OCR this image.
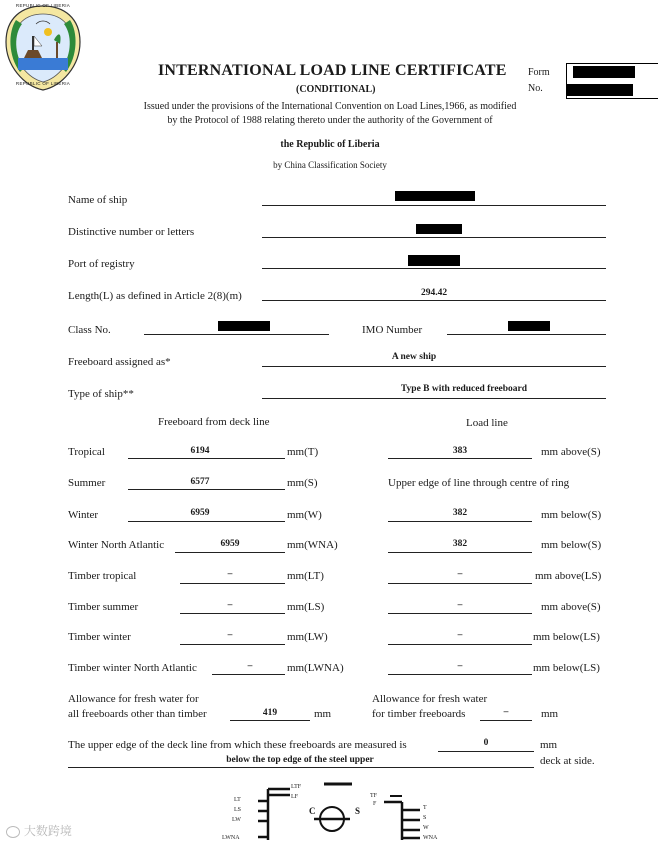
REPUBLIC OF LIBERIA
REPUBLIC OF LIBERIA
INTERNATIONAL LOAD LINE CERTIFICATE
(CONDITIONAL)
Form
No.
Issued under the provisions of the International Convention on Load Lines,1966, as modified
by the Protocol of 1988 relating thereto under the authority of the Government of
the Republic of Liberia
by China Classification Society
Name of ship
Distinctive number or letters
Port of registry
Length(L) as defined in Article 2(8)(m)	294.42
Class No.	IMO Number
Freeboard assigned as*	A new ship
Type of ship**	Type B with reduced freeboard
Freeboard from deck line	Load line
Tropical	6194	mm(T)	383	mm above(S)
Summer	6577	mm(S)	Upper edge of line through centre of ring
Winter	6959	mm(W)	382	mm below(S)
Winter North Atlantic	6959	mm(WNA)	382	mm below(S)
Timber tropical	–	mm(LT)	–	mm above(LS)
Timber summer	–	mm(LS)	–	mm above(S)
Timber winter	–	mm(LW)	–	mm below(LS)
Timber winter North Atlantic	–	mm(LWNA)	–	mm below(LS)
Allowance for fresh water for
all freeboards other than timber	419	mm
Allowance for fresh water
for timber freeboards	–	mm
The upper edge of the deck line from which these freeboards are measured is	0	mm
below the top edge of the steel upper	deck at side.
LTF
LF
LT
LS
LW
LWNA
C	S
TF
F
T
S
W
WNA
大数跨境
